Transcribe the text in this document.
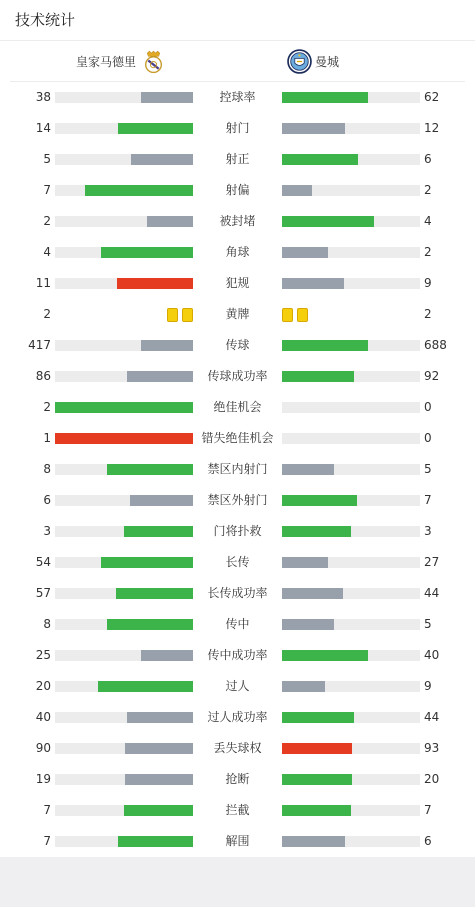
技术统计
皇家马德里	曼城
38	控球率	62
14	射门	12
5	射正	6
7	射偏	2
2	被封堵	4
4	角球	2
11	犯规	9
2	黄牌	2
417	传球	688
86	传球成功率	92
2	绝佳机会	0
1	错失绝佳机会	0
8	禁区内射门	5
6	禁区外射门	7
3	门将扑救	3
54	长传	27
57	长传成功率	44
8	传中	5
25	传中成功率	40
20	过人	9
40	过人成功率	44
90	丢失球权	93
19	抢断	20
7	拦截	7
7	解围	6
